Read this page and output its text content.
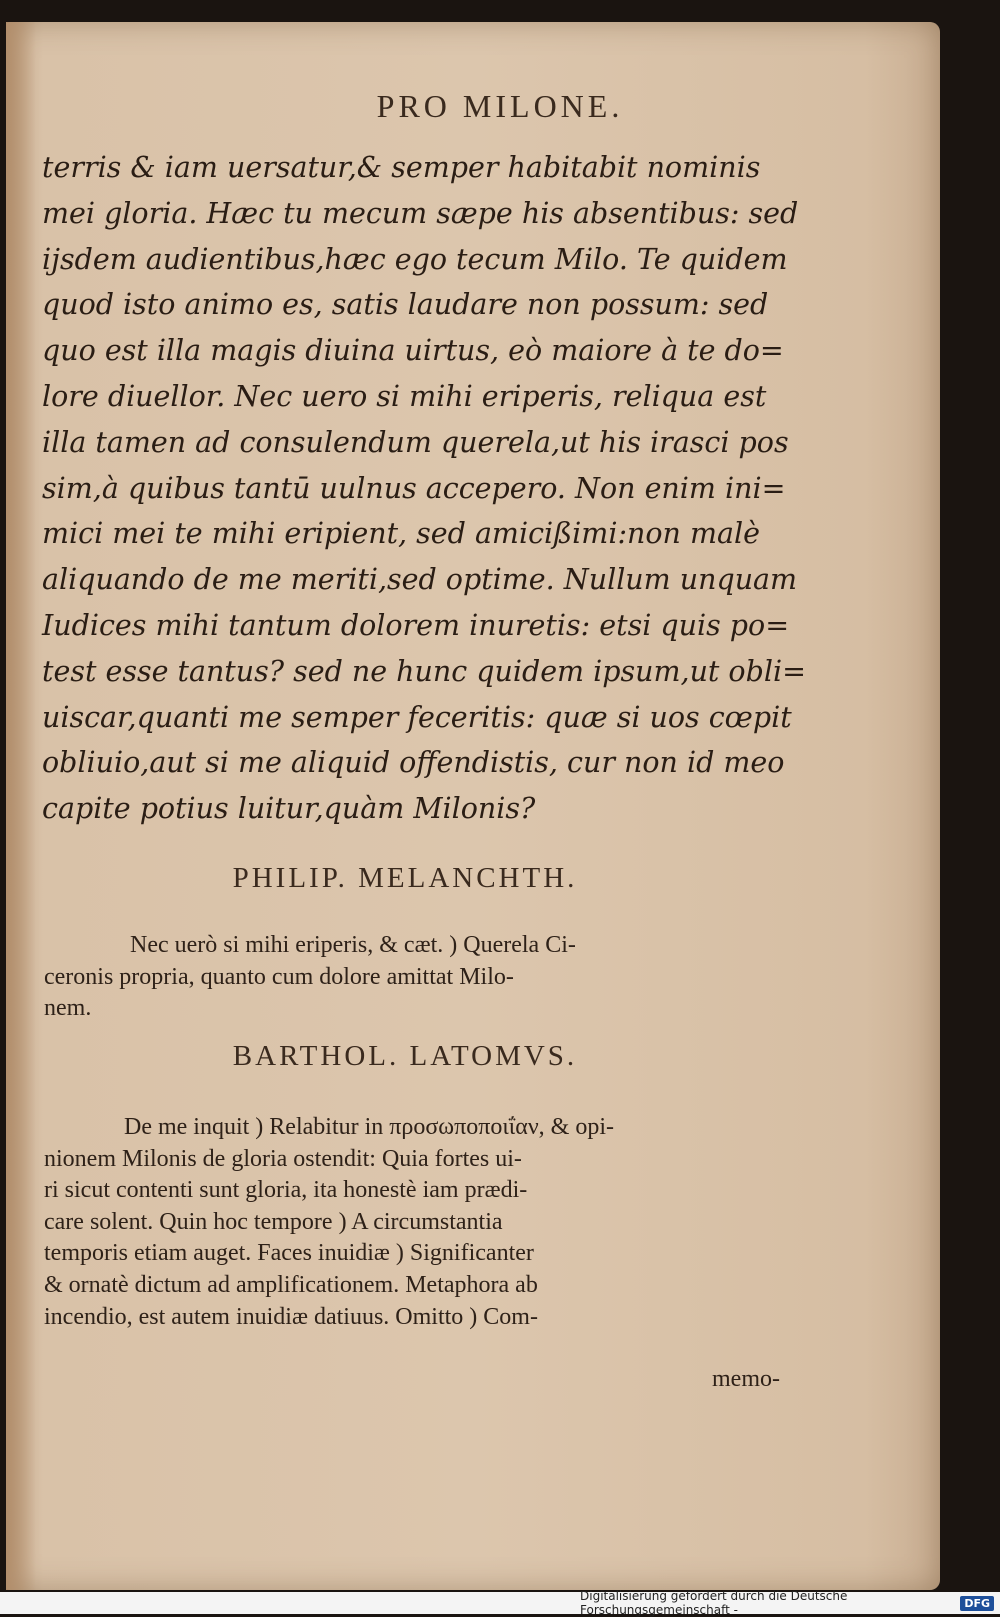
PRO MILONE.
terris & iam uersatur,& semper habitabit nominis
mei gloria. Hæc tu mecum sæpe his absentibus: sed
ijsdem audientibus,hæc ego tecum Milo. Te quidem
quod isto animo es, satis laudare non possum: sed
quo est illa magis diuina uirtus, eò maiore à te do=
lore diuellor. Nec uero si mihi eriperis, reliqua est
illa tamen ad consulendum querela,ut his irasci pos
sim,à quibus tantū uulnus accepero. Non enim ini=
mici mei te mihi eripient, sed amicißimi:non malè
aliquando de me meriti,sed optime. Nullum unquam
Iudices mihi tantum dolorem inuretis: etsi quis po=
test esse tantus? sed ne hunc quidem ipsum,ut obli=
uiscar,quanti me semper feceritis: quæ si uos cœpit
obliuio,aut si me aliquid offendistis, cur non id meo
capite potius luitur,quàm Milonis?
PHILIP. MELANCHTH.
Nec uerò si mihi eriperis, & cæt. ) Querela Ci-
ceronis propria, quanto cum dolore amittat Milo-
nem.
BARTHOL. LATOMVS.
De me inquit ) Relabitur in προσωποποιΐαν, & opi-
nionem Milonis de gloria ostendit: Quia fortes ui-
ri sicut contenti sunt gloria, ita honestè iam prædi-
care solent. Quin hoc tempore ) A circumstantia
temporis etiam auget. Faces inuidiæ ) Significanter
& ornatè dictum ad amplificationem. Metaphora ab
incendio, est autem inuidiæ datiuus. Omitto ) Com-
memo-
Digitalisierung gefördert durch die Deutsche Forschungsgemeinschaft -	DFG
